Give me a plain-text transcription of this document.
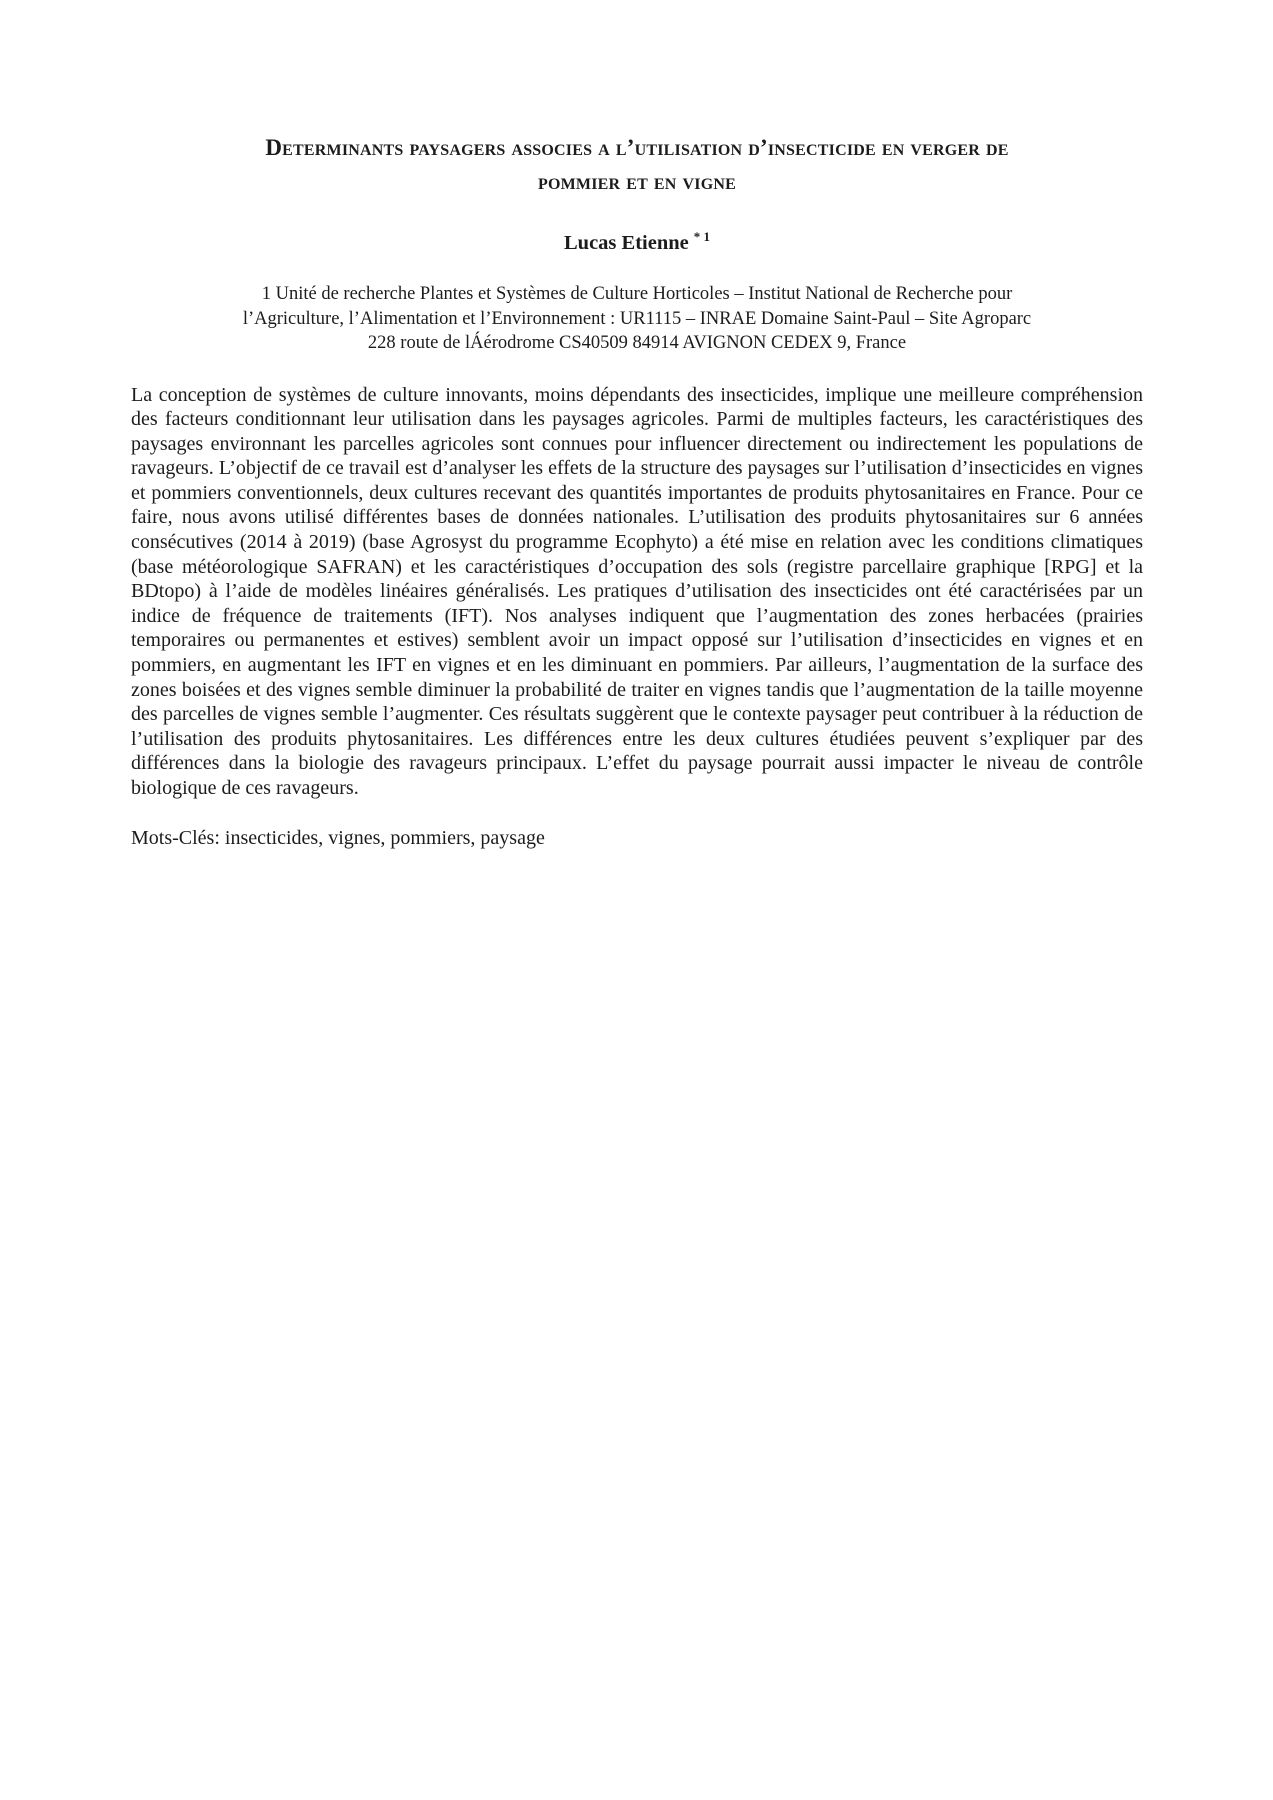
Determinants paysagers associes a l’utilisation d’insecticide en verger de
pommier et en vigne

Lucas Etienne $^{* 1}$

1 Unité de recherche Plantes et Systèmes de Culture Horticoles – Institut National de Recherche pour
l’Agriculture, l’Alimentation et l’Environnement : UR1115 – INRAE Domaine Saint-Paul – Site Agroparc
228 route de lÁérodrome CS40509 84914 AVIGNON CEDEX 9, France

La conception de systèmes de culture innovants, moins dépendants des insecticides, implique une meilleure compréhension des facteurs conditionnant leur utilisation dans les paysages agricoles. Parmi de multiples facteurs, les caractéristiques des paysages environnant les parcelles agricoles sont connues pour influencer directement ou indirectement les populations de ravageurs. L’objectif de ce travail est d’analyser les effets de la structure des paysages sur l’utilisation d’insecticides en vignes et pommiers conventionnels, deux cultures recevant des quantités importantes de produits phytosanitaires en France. Pour ce faire, nous avons utilisé différentes bases de données nationales. L’utilisation des produits phytosanitaires sur 6 années consécutives (2014 à 2019) (base Agrosyst du programme Ecophyto) a été mise en relation avec les conditions climatiques (base météorologique SAFRAN) et les caractéristiques d’occupation des sols (registre parcellaire graphique [RPG] et la BDtopo) à l’aide de modèles linéaires généralisés. Les pratiques d’utilisation des insecticides ont été caractérisées par un indice de fréquence de traitements (IFT). Nos analyses indiquent que l’augmentation des zones herbacées (prairies temporaires ou permanentes et estives) semblent avoir un impact opposé sur l’utilisation d’insecticides en vignes et en pommiers, en augmentant les IFT en vignes et en les diminuant en pommiers. Par ailleurs, l’augmentation de la surface des zones boisées et des vignes semble diminuer la probabilité de traiter en vignes tandis que l’augmentation de la taille moyenne des parcelles de vignes semble l’augmenter. Ces résultats suggèrent que le contexte paysager peut contribuer à la réduction de l’utilisation des produits phytosanitaires. Les différences entre les deux cultures étudiées peuvent s’expliquer par des différences dans la biologie des ravageurs principaux. L’effet du paysage pourrait aussi impacter le niveau de contrôle biologique de ces ravageurs.

Mots-Clés: insecticides, vignes, pommiers, paysage
